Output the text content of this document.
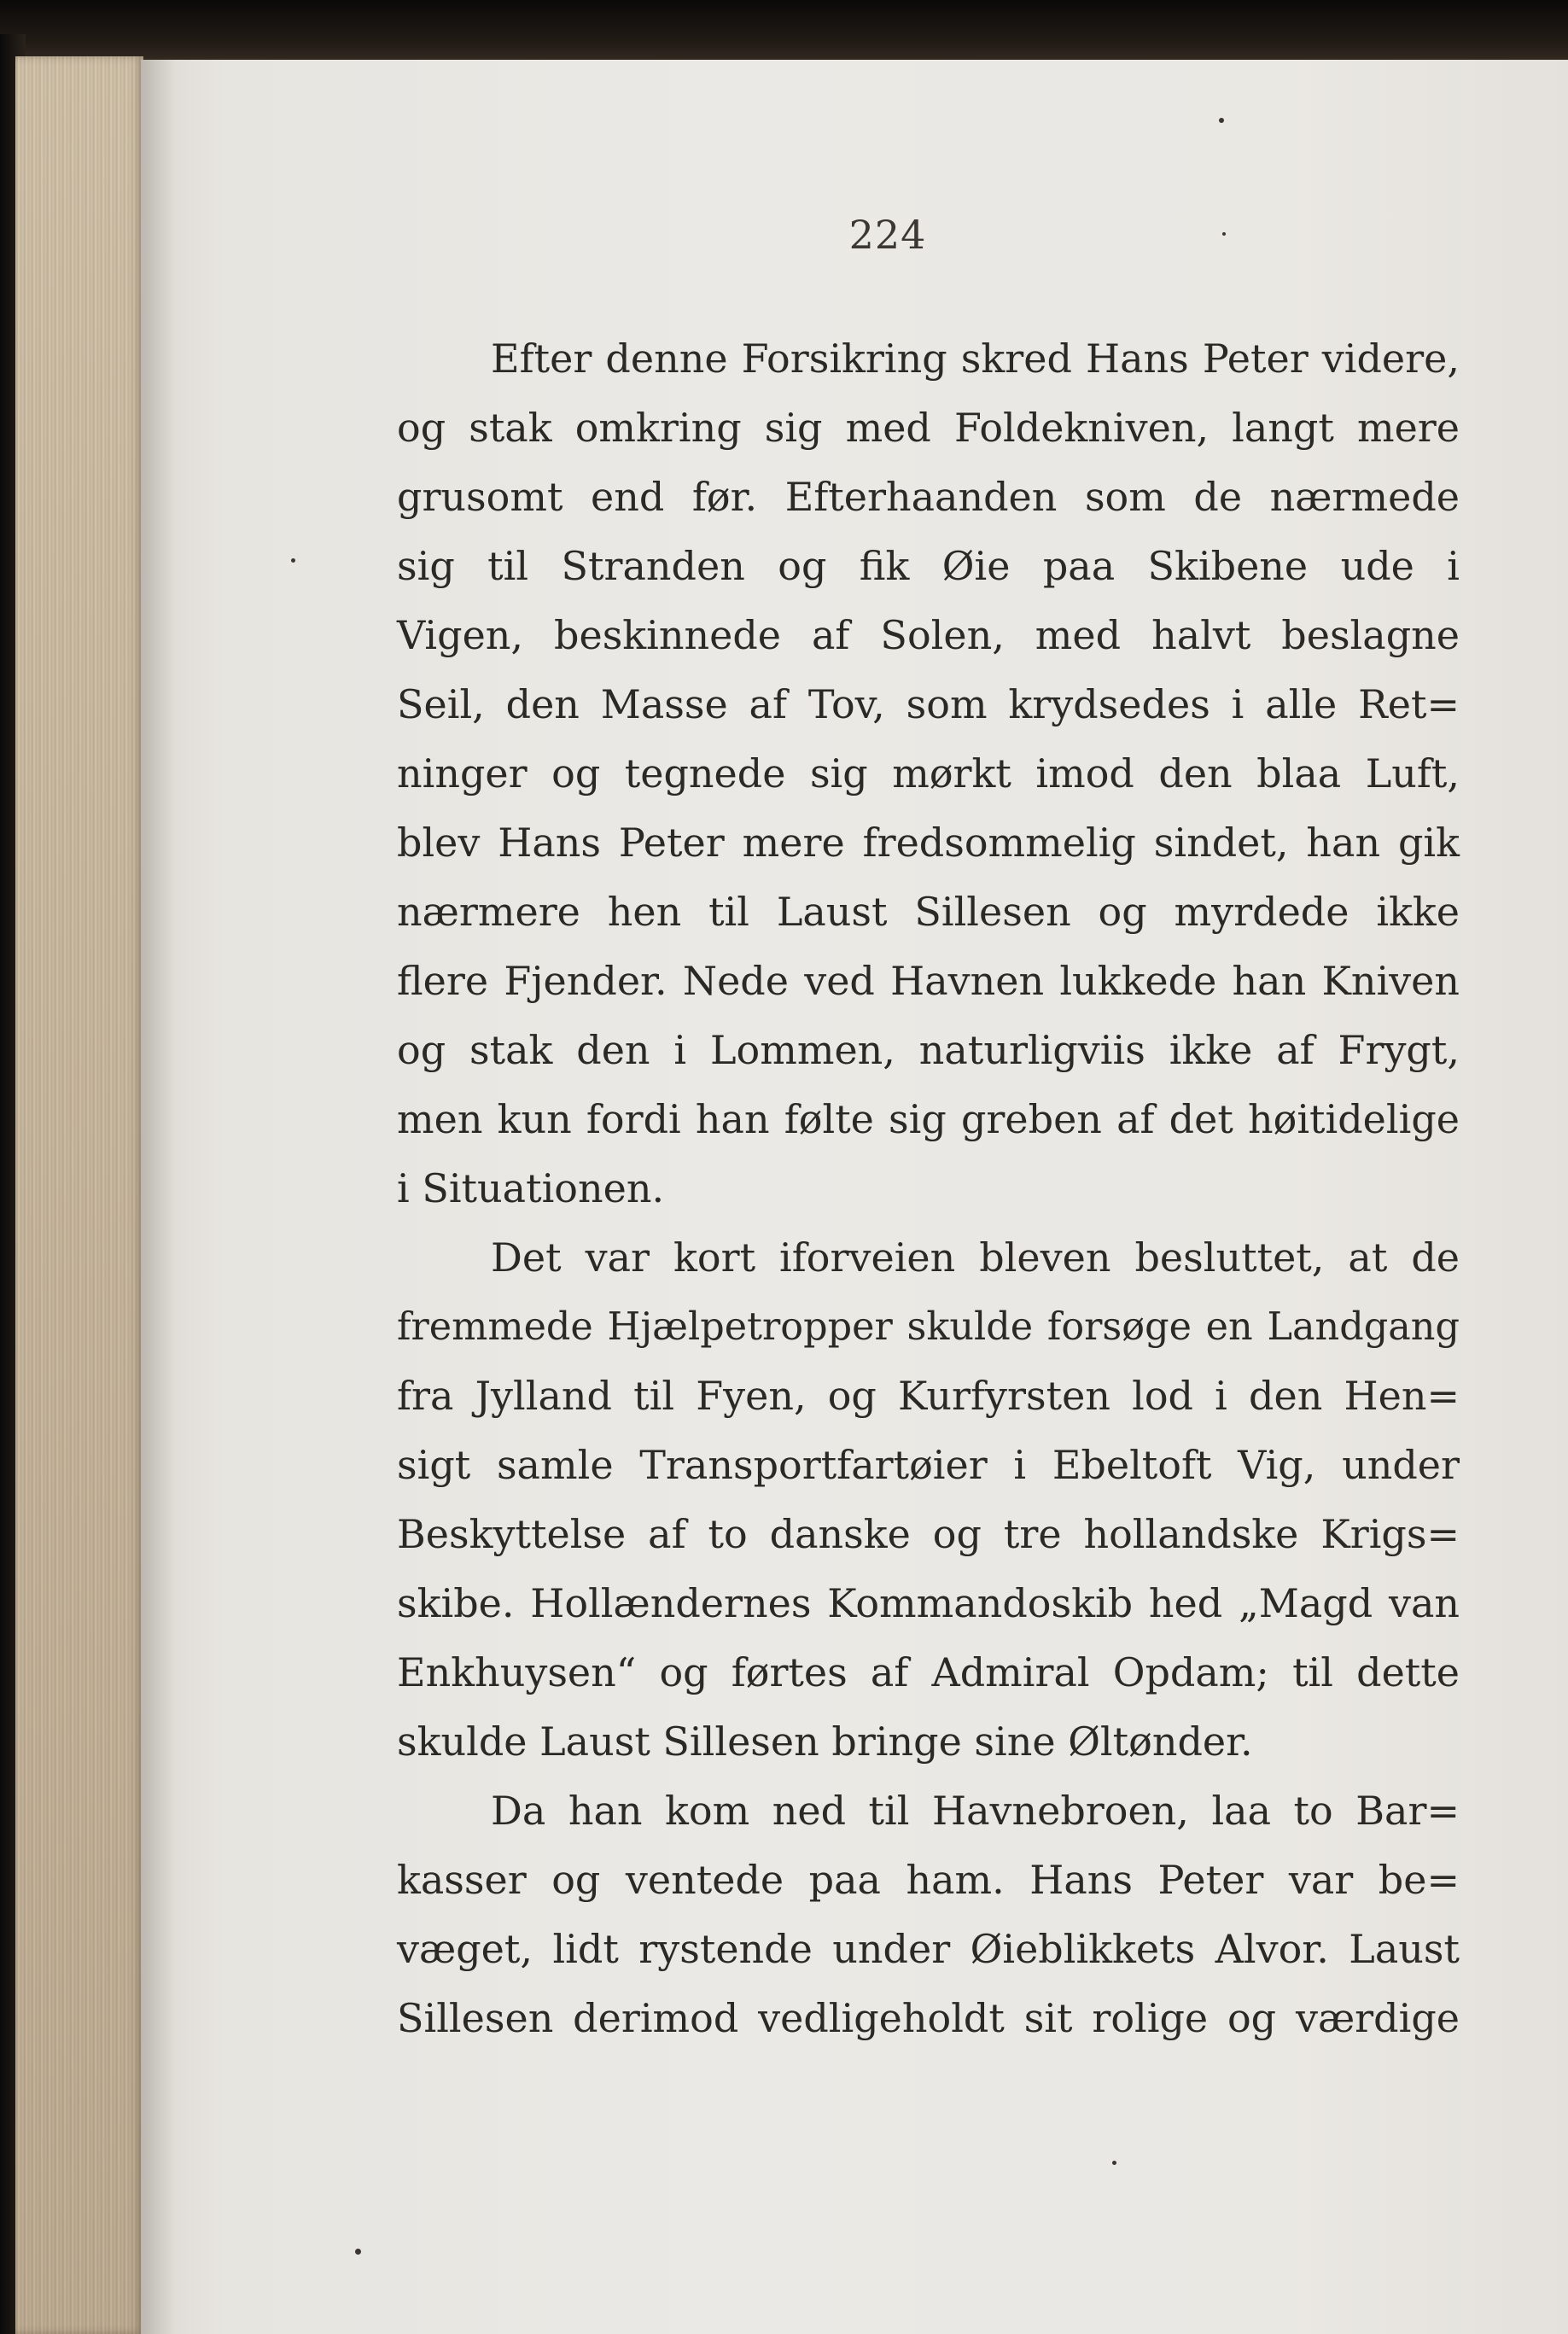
224
Efter denne Forsikring skred Hans Peter videre,
og stak omkring sig med Foldekniven, langt mere
grusomt end før. Efterhaanden som de nærmede
sig til Stranden og fik Øie paa Skibene ude i
Vigen, beskinnede af Solen, med halvt beslagne
Seil, den Masse af Tov, som krydsedes i alle Ret=
ninger og tegnede sig mørkt imod den blaa Luft,
blev Hans Peter mere fredsommelig sindet, han gik
nærmere hen til Laust Sillesen og myrdede ikke
flere Fjender. Nede ved Havnen lukkede han Kniven
og stak den i Lommen, naturligviis ikke af Frygt,
men kun fordi han følte sig greben af det høitidelige
i Situationen.
Det var kort iforveien bleven besluttet, at de
fremmede Hjælpetropper skulde forsøge en Landgang
fra Jylland til Fyen, og Kurfyrsten lod i den Hen=
sigt samle Transportfartøier i Ebeltoft Vig, under
Beskyttelse af to danske og tre hollandske Krigs=
skibe. Hollændernes Kommandoskib hed „Magd van
Enkhuysen“ og førtes af Admiral Opdam; til dette
skulde Laust Sillesen bringe sine Øltønder.
Da han kom ned til Havnebroen, laa to Bar=
kasser og ventede paa ham. Hans Peter var be=
væget, lidt rystende under Øieblikkets Alvor. Laust
Sillesen derimod vedligeholdt sit rolige og værdige
